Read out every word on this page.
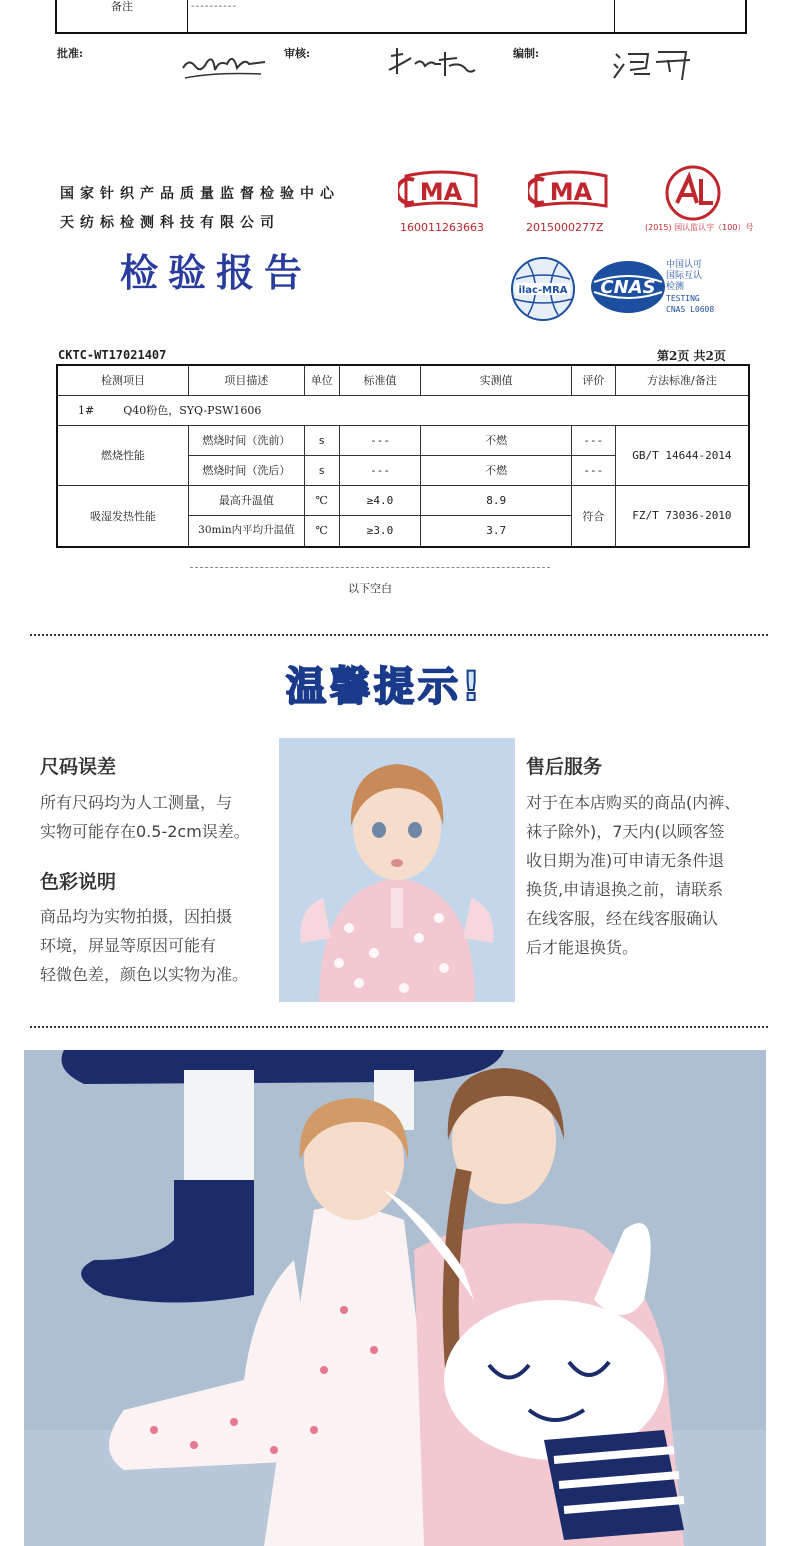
备注	----------
批准:	审核:	编制:
国家针织产品质量监督检验中心
天纺标检测科技有限公司
检验报告
MA
160011263663
MA
2015000277Z	(2015) 国认监认字（100）号
ilac-MRA CNAS
中国认可
国际互认
检测
TESTING
CNAS L0608
CKTC-WT17021407	第2页 共2页
检测项目	项目描述	单位	标准值	实测值	评价	方法标准/备注
1# Q40粉色，SYQ-PSW1606						
燃烧性能	燃烧时间（洗前）	s	---	不燃	---	GB/T 14644-2014
	燃烧时间（洗后）	s	---	不燃	---	
吸湿发热性能	最高升温值	℃	≥4.0	8.9	符合	FZ/T 73036-2010
	30min内平均升温值	℃	≥3.0	3.7		
以下空白
温馨提示!
尺码误差
所有尺码均为人工测量，与
实物可能存在0.5-2cm误差。
色彩说明
商品均为实物拍摄，因拍摄
环境，屏显等原因可能有
轻微色差，颜色以实物为准。
售后服务
对于在本店购买的商品(内裤、
袜子除外)，7天内(以顾客签
收日期为准)可申请无条件退
换货,申请退换之前，请联系
在线客服，经在线客服确认
后才能退换货。
